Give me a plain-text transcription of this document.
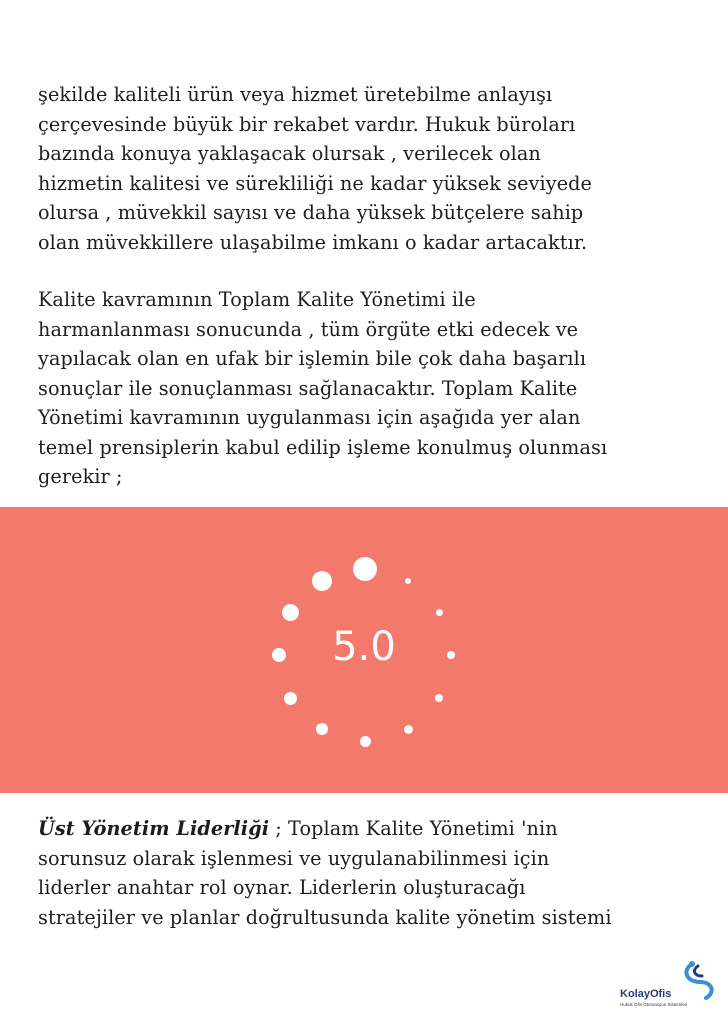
şekilde kaliteli ürün veya hizmet üretebilme anlayışı
çerçevesinde büyük bir rekabet vardır. Hukuk büroları
bazında konuya yaklaşacak olursak , verilecek olan
hizmetin kalitesi ve sürekliliği ne kadar yüksek seviyede
olursa , müvekkil sayısı ve daha yüksek bütçelere sahip
olan müvekkillere ulaşabilme imkanı o kadar artacaktır.
Kalite kavramının Toplam Kalite Yönetimi ile
harmanlanması sonucunda , tüm örgüte etki edecek ve
yapılacak olan en ufak bir işlemin bile çok daha başarılı
sonuçlar ile sonuçlanması sağlanacaktır. Toplam Kalite
Yönetimi kavramının uygulanması için aşağıda yer alan
temel prensiplerin kabul edilip işleme konulmuş olunması
gerekir ;
5.0
Üst Yönetim Liderliği ; Toplam Kalite Yönetimi 'nin
sorunsuz olarak işlenmesi ve uygulanabilinmesi için
liderler anahtar rol oynar. Liderlerin oluşturacağı
stratejiler ve planlar doğrultusunda kalite yönetim sistemi
KolayOfis
Hukuk Ofis Otomasyon Sistemleri
